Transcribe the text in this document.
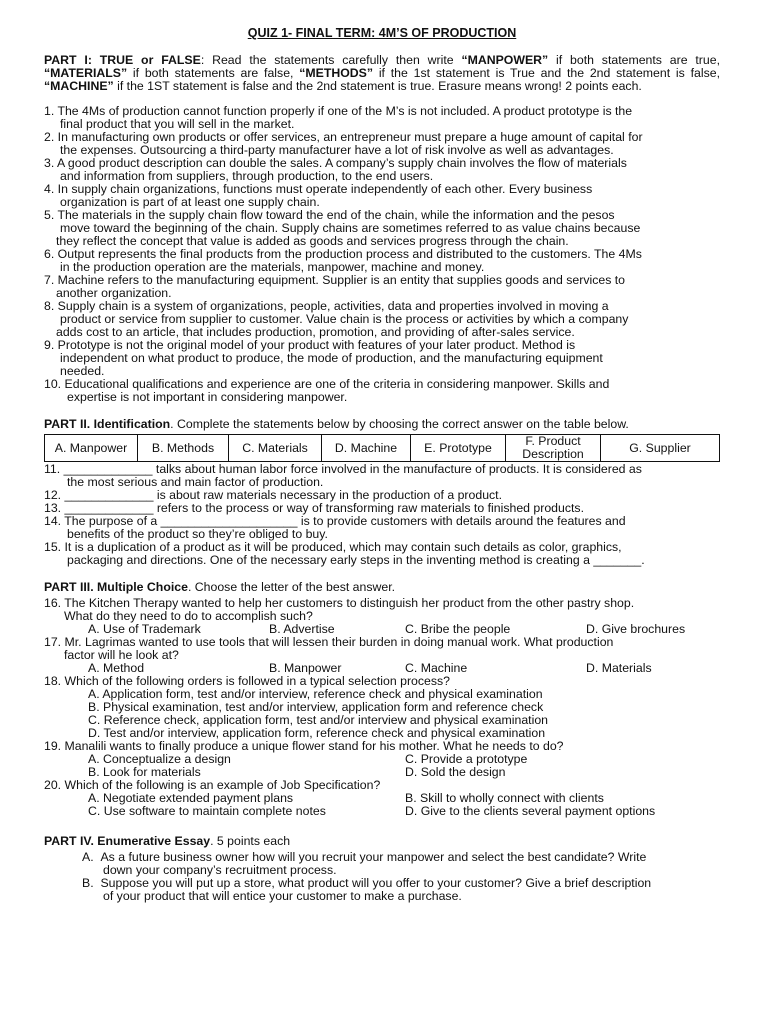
QUIZ 1- FINAL TERM: 4M’S OF PRODUCTION
PART I: TRUE or FALSE: Read the statements carefully then write “MANPOWER” if both statements are true, “MATERIALS” if both statements are false, “METHODS” if the 1st statement is True and the 2nd statement is false, “MACHINE” if the 1ST statement is false and the 2nd statement is true. Erasure means wrong! 2 points each.
1. The 4Ms of production cannot function properly if one of the M’s is not included. A product prototype is the
final product that you will sell in the market.
2. In manufacturing own products or offer services, an entrepreneur must prepare a huge amount of capital for
the expenses. Outsourcing a third-party manufacturer have a lot of risk involve as well as advantages.
3. A good product description can double the sales. A company’s supply chain involves the flow of materials
and information from suppliers, through production, to the end users.
4. In supply chain organizations, functions must operate independently of each other. Every business
organization is part of at least one supply chain.
5. The materials in the supply chain flow toward the end of the chain, while the information and the pesos
move toward the beginning of the chain. Supply chains are sometimes referred to as value chains because
they reflect the concept that value is added as goods and services progress through the chain.
6. Output represents the final products from the production process and distributed to the customers. The 4Ms
in the production operation are the materials, manpower, machine and money.
7. Machine refers to the manufacturing equipment. Supplier is an entity that supplies goods and services to
another organization.
8. Supply chain is a system of organizations, people, activities, data and properties involved in moving a
product or service from supplier to customer. Value chain is the process or activities by which a company
adds cost to an article, that includes production, promotion, and providing of after-sales service.
9. Prototype is not the original model of your product with features of your later product. Method is
independent on what product to produce, the mode of production, and the manufacturing equipment
needed.
10. Educational qualifications and experience are one of the criteria in considering manpower. Skills and
expertise is not important in considering manpower.
PART II. Identification. Complete the statements below by choosing the correct answer on the table below.
A. Manpower	B. Methods	C. Materials	D. Machine	E. Prototype	F. Product Description	G. Supplier
11. _____________ talks about human labor force involved in the manufacture of products. It is considered as
the most serious and main factor of production.
12. _____________ is about raw materials necessary in the production of a product.
13. _____________ refers to the process or way of transforming raw materials to finished products.
14. The purpose of a ____________________ is to provide customers with details around the features and
benefits of the product so they’re obliged to buy.
15. It is a duplication of a product as it will be produced, which may contain such details as color, graphics,
packaging and directions. One of the necessary early steps in the inventing method is creating a _______.
PART III. Multiple Choice. Choose the letter of the best answer.
16. The Kitchen Therapy wanted to help her customers to distinguish her product from the other pastry shop.
What do they need to do to accomplish such?
A. Use of Trademark	B. Advertise	C. Bribe the people	D. Give brochures
17. Mr. Lagrimas wanted to use tools that will lessen their burden in doing manual work. What production
factor will he look at?
A. Method	B. Manpower	C. Machine	D. Materials
18. Which of the following orders is followed in a typical selection process?
A. Application form, test and/or interview, reference check and physical examination
B. Physical examination, test and/or interview, application form and reference check
C. Reference check, application form, test and/or interview and physical examination
D. Test and/or interview, application form, reference check and physical examination
19. Manalili wants to finally produce a unique flower stand for his mother. What he needs to do?
A. Conceptualize a design	C. Provide a prototype
B. Look for materials	D. Sold the design
20. Which of the following is an example of Job Specification?
A. Negotiate extended payment plans	B. Skill to wholly connect with clients
C. Use software to maintain complete notes	D. Give to the clients several payment options
PART IV. Enumerative Essay. 5 points each
A.  As a future business owner how will you recruit your manpower and select the best candidate? Write
down your company’s recruitment process.
B.  Suppose you will put up a store, what product will you offer to your customer? Give a brief description
of your product that will entice your customer to make a purchase.
